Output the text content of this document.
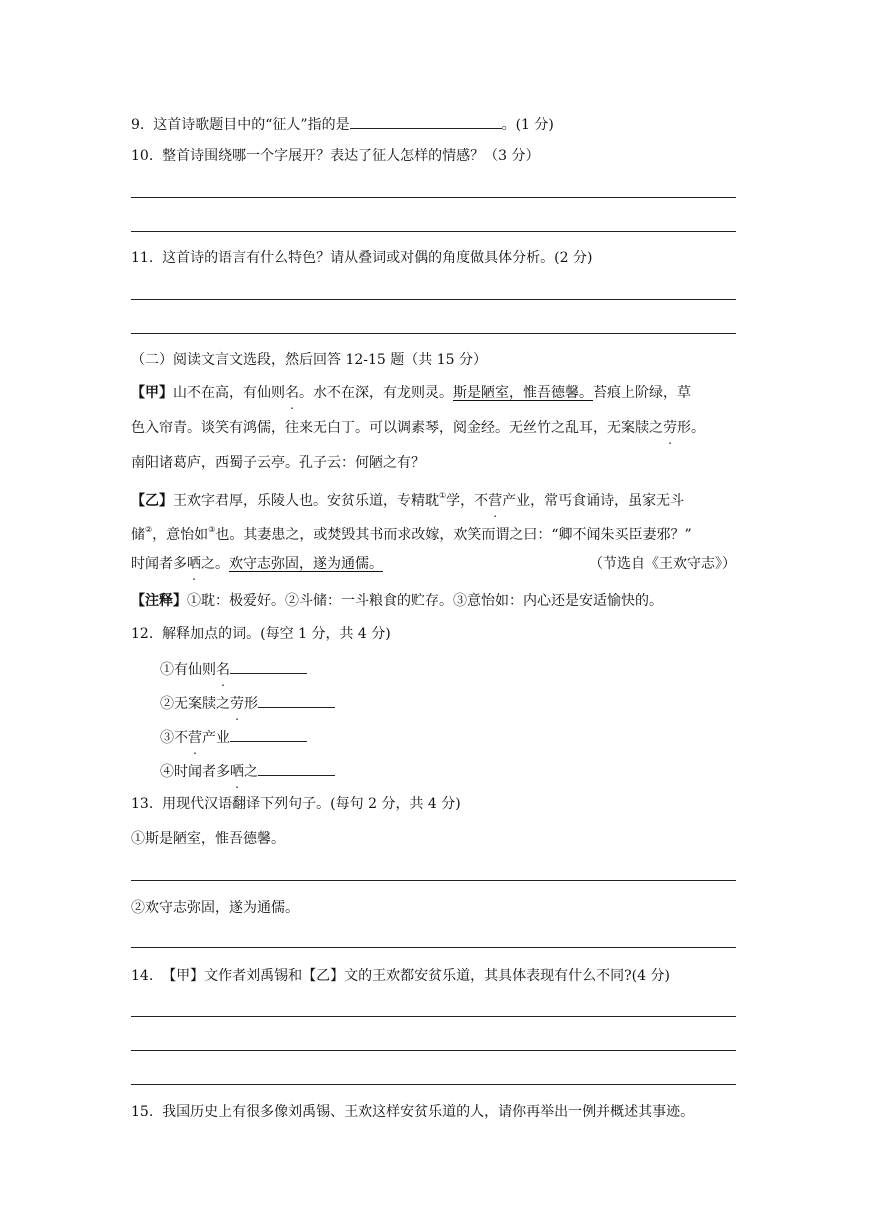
9. 这首诗歌题目中的“征人”指的是	。(1 分)
10. 整首诗围绕哪一个字展开？表达了征人怎样的情感？（3 分）
11. 这首诗的语言有什么特色？请从叠词或对偶的角度做具体分析。(2 分)
（二）阅读文言文选段，然后回答 12-15 题（共 15 分）
【甲】山不在高，有仙则名。水不在深，有龙则灵。斯是陋室，惟吾德馨。苔痕上阶绿，草
色入帘青。谈笑有鸿儒，往来无白丁。可以调素琴，阅金经。无丝竹之乱耳，无案牍之劳形。
南阳诸葛庐，西蜀子云亭。孔子云：何陋之有？
【乙】王欢字君厚，乐陵人也。安贫乐道，专精耽①学，不营产业，常丐食诵诗，虽家无斗
储②，意怡如③也。其妻患之，或焚毁其书而求改嫁，欢笑而谓之曰：“卿不闻朱买臣妻邪？”
时闻者多哂之。欢守志弥固，遂为通儒。	（节选自《王欢守志》）
【注释】①耽：极爱好。②斗储：一斗粮食的贮存。③意怡如：内心还是安适愉快的。
12. 解释加点的词。(每空 1 分，共 4 分)
①有仙则名
②无案牍之劳形
③不营产业
④时闻者多哂之
13. 用现代汉语翻译下列句子。(每句 2 分，共 4 分)
①斯是陋室，惟吾德馨。
②欢守志弥固，遂为通儒。
14. 【甲】文作者刘禹锡和【乙】文的王欢都安贫乐道，其具体表现有什么不同?(4 分)
15. 我国历史上有很多像刘禹锡、王欢这样安贫乐道的人，请你再举出一例并概述其事迹。
